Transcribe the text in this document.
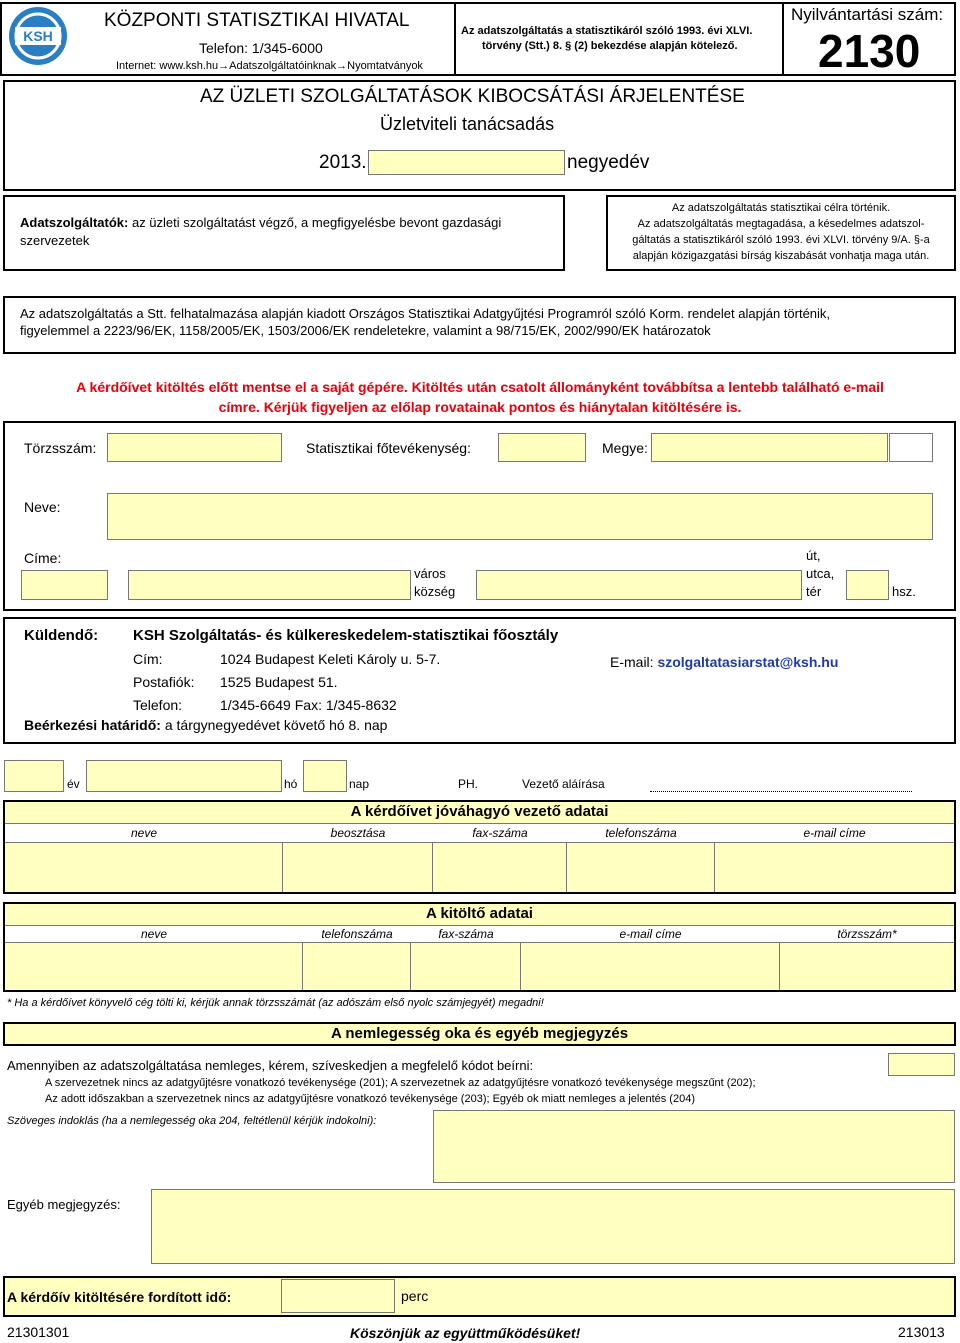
KSH
KÖZPONTI STATISZTIKAI HIVATAL
Telefon: 1/345-6000
Internet: www.ksh.hu→Adatszolgáltatóinknak→Nyomtatványok
Az adatszolgáltatás a statisztikáról szóló 1993. évi XLVI.
törvény (Stt.) 8. § (2) bekezdése alapján kötelező.
Nyilvántartási szám:
2130
AZ ÜZLETI SZOLGÁLTATÁSOK KIBOCSÁTÁSI ÁRJELENTÉSE
Üzletviteli tanácsadás
2013.	negyedév
Adatszolgáltatók: az üzleti szolgáltatást végző, a megfigyelésbe bevont gazdasági
szervezetek
Az adatszolgáltatás statisztikai célra történik.
Az adatszolgáltatás megtagadása, a késedelmes adatszol-
gáltatás a statisztikáról szóló 1993. évi XLVI. törvény 9/A. §-a
alapján közigazgatási bírság kiszabását vonhatja maga után.
Az adatszolgáltatás a Stt. felhatalmazása alapján kiadott Országos Statisztikai Adatgyűjtési Programról szóló Korm. rendelet alapján történik,
figyelemmel a 2223/96/EK, 1158/2005/EK, 1503/2006/EK rendeletekre, valamint a 98/715/EK, 2002/990/EK határozatok
A kérdőívet kitöltés előtt mentse el a saját gépére. Kitöltés után csatolt állományként továbbítsa a lentebb található e-mail
címre. Kérjük figyeljen az előlap rovatainak pontos és hiánytalan kitöltésére is.
Törzsszám:	Statisztikai főtevékenység:	Megye:
Neve:
Címe:
város
község
út,
utca,
tér	hsz.
Küldendő: KSH Szolgáltatás- és külkereskedelem-statisztikai főosztály
Cím:	1024 Budapest Keleti Károly u. 5-7.
Postafiók: 1525 Budapest 51.
Telefon:	1/345-6649 Fax: 1/345-8632
E-mail: szolgaltatasiarstat@ksh.hu
Beérkezési határidő: a tárgynegyedévet követő hó 8. nap
év	hó	nap	PH.	Vezető aláírása
A kérdőívet jóváhagyó vezető adatai
neve	beosztása	fax-száma	telefonszáma	e-mail címe
A kitöltő adatai
neve	telefonszáma	fax-száma	e-mail címe	törzsszám*
* Ha a kérdőívet könyvelő cég tölti ki, kérjük annak törzsszámát (az adószám első nyolc számjegyét) megadni!
A nemlegesség oka és egyéb megjegyzés
Amennyiben az adatszolgáltatása nemleges, kérem, szíveskedjen a megfelelő kódot beírni:
A szervezetnek nincs az adatgyűjtésre vonatkozó tevékenysége (201); A szervezetnek az adatgyűjtésre vonatkozó tevékenysége megszűnt (202);
Az adott időszakban a szervezetnek nincs az adatgyűjtésre vonatkozó tevékenysége (203); Egyéb ok miatt nemleges a jelentés (204)
Szöveges indoklás (ha a nemlegesség oka 204, feltétlenül kérjük indokolni):
Egyéb megjegyzés:
A kérdőív kitöltésére fordított idő:	perc
21301301	Köszönjük az együttműködésüket!	213013
